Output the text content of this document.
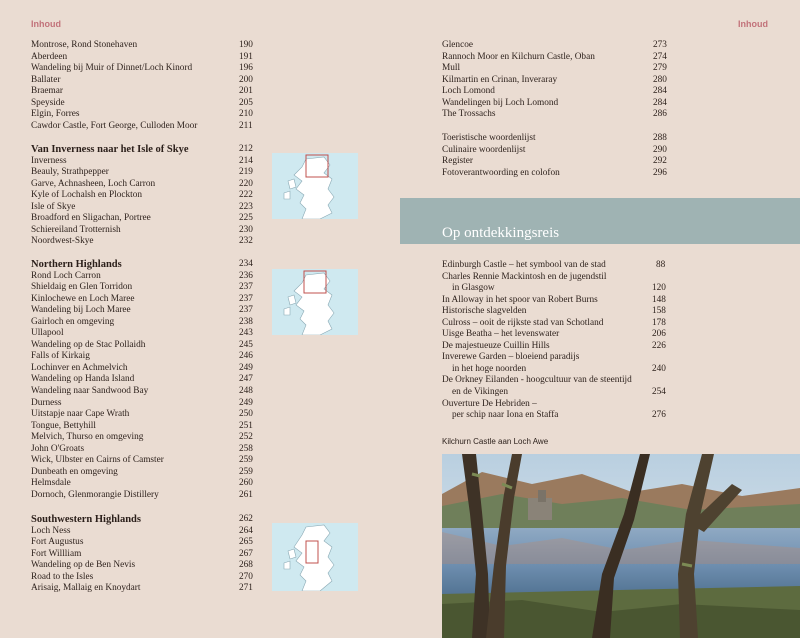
Inhoud	Inhoud
Montrose, Rond Stonehaven	190
Aberdeen	191
Wandeling bij Muir of Dinnet/Loch Kinord	196
Ballater	200
Braemar	201
Speyside	205
Elgin, Forres	210
Cawdor Castle, Fort George, Culloden Moor	211
Van Inverness naar het Isle of Skye	212
Inverness	214
Beauly, Strathpepper	219
Garve, Achnasheen, Loch Carron	220
Kyle of Lochalsh en Plockton	222
Isle of Skye	223
Broadford en Sligachan, Portree	225
Schiereiland Trotternish	230
Noordwest-Skye	232
Northern Highlands	234
Rond Loch Carron	236
Shieldaig en Glen Torridon	237
Kinlochewe en Loch Maree	237
Wandeling bij Loch Maree	237
Gairloch en omgeving	238
Ullapool	243
Wandeling op de Stac Pollaidh	245
Falls of Kirkaig	246
Lochinver en Achmelvich	249
Wandeling op Handa Island	247
Wandeling naar Sandwood Bay	248
Durness	249
Uitstapje naar Cape Wrath	250
Tongue, Bettyhill	251
Melvich, Thurso en omgeving	252
John O'Groats	258
Wick, Ulbster en Cairns of Camster	259
Dunbeath en omgeving	259
Helmsdale	260
Dornoch, Glenmorangie Distillery	261
Southwestern Highlands	262
Loch Ness	264
Fort Augustus	265
Fort Willliam	267
Wandeling op de Ben Nevis	268
Road to the Isles	270
Arisaig, Mallaig en Knoydart	271
Glencoe	273
Rannoch Moor en Kilchurn Castle, Oban	274
Mull	279
Kilmartin en Crinan, Inveraray	280
Loch Lomond	284
Wandelingen bij Loch Lomond	284
The Trossachs	286
Toeristische woordenlijst	288
Culinaire woordenlijst	290
Register	292
Fotoverantwoording en colofon	296
Op ontdekkingsreis
Edinburgh Castle – het symbool van de stad	88
Charles Rennie Mackintosh en de jugendstil
in Glasgow	120
In Alloway in het spoor van Robert Burns	148
Historische slagvelden	158
Culross – ooit de rijkste stad van Schotland	178
Uisge Beatha – het levenswater	206
De majestueuze Cuillin Hills	226
Inverewe Garden – bloeiend paradijs
in het hoge noorden	240
De Orkney Eilanden - hoogcultuur van de steentijd
en de Vikingen	254
Ouverture De Hebriden –
per schip naar Iona en Staffa	276
Kilchurn Castle aan Loch Awe
